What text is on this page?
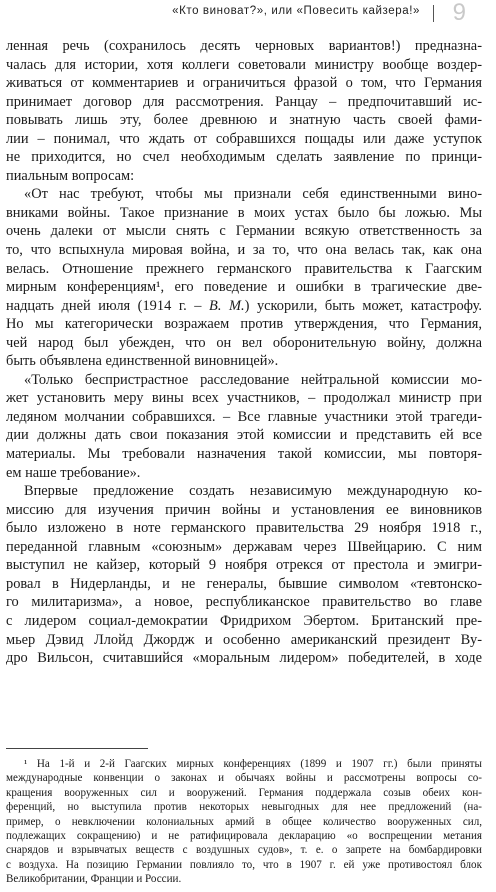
«Кто виноват?», или «Повесить кайзера!» 9
ленная речь (сохранилось десять черновых вариантов!) предназна-
чалась для истории, хотя коллеги советовали министру вообще воздер-
живаться от комментариев и ограничиться фразой о том, что Германия
принимает договор для рассмотрения. Ранцау – предпочитавший ис-
повывать лишь эту, более древнюю и знатную часть своей фами-
лии – понимал, что ждать от собравшихся пощады или даже уступок
не приходится, но счел необходимым сделать заявление по принци-
пиальным вопросам:
«От нас требуют, чтобы мы признали себя единственными вино-
вниками войны. Такое признание в моих устах было бы ложью. Мы
очень далеки от мысли снять с Германии всякую ответственность за
то, что вспыхнула мировая война, и за то, что она велась так, как она
велась. Отношение прежнего германского правительства к Гаагским
мирным конференциям¹, его поведение и ошибки в трагические две-
надцать дней июля (1914 г. – В. М.) ускорили, быть может, катастрофу.
Но мы категорически возражаем против утверждения, что Германия,
чей народ был убежден, что он вел оборонительную войну, должна
быть объявлена единственной виновницей».
«Только беспристрастное расследование нейтральной комиссии мо-
жет установить меру вины всех участников, – продолжал министр при
ледяном молчании собравшихся. – Все главные участники этой трагеди-
дии должны дать свои показания этой комиссии и представить ей все
материалы. Мы требовали назначения такой комиссии, мы повторя-
ем наше требование».
Впервые предложение создать независимую международную ко-
миссию для изучения причин войны и установления ее виновников
было изложено в ноте германского правительства 29 ноября 1918 г.,
переданной главным «союзным» державам через Швейцарию. С ним
выступил не кайзер, который 9 ноября отрекся от престола и эмигри-
ровал в Нидерланды, и не генералы, бывшие символом «тевтонско-
го милитаризма», а новое, республиканское правительство во главе
с лидером социал-демократии Фридрихом Эбертом. Британский пре-
мьер Дэвид Ллойд Джордж и особенно американский президент Ву-
дро Вильсон, считавшийся «моральным лидером» победителей, в ходе
¹ На 1-й и 2-й Гаагских мирных конференциях (1899 и 1907 гг.) были приняты
международные конвенции о законах и обычаях войны и рассмотрены вопросы со-
кращения вооруженных сил и вооружений. Германия поддержала созыв обеих кон-
ференций, но выступила против некоторых невыгодных для нее предложений (на-
пример, о невключении колониальных армий в общее количество вооруженных сил,
подлежащих сокращению) и не ратифицировала декларацию «о воспрещении метания
снарядов и взрывчатых веществ с воздушных судов», т. е. о запрете на бомбардировки
с воздуха. На позицию Германии повлияло то, что в 1907 г. ей уже противостоял блок
Великобритании, Франции и России.
